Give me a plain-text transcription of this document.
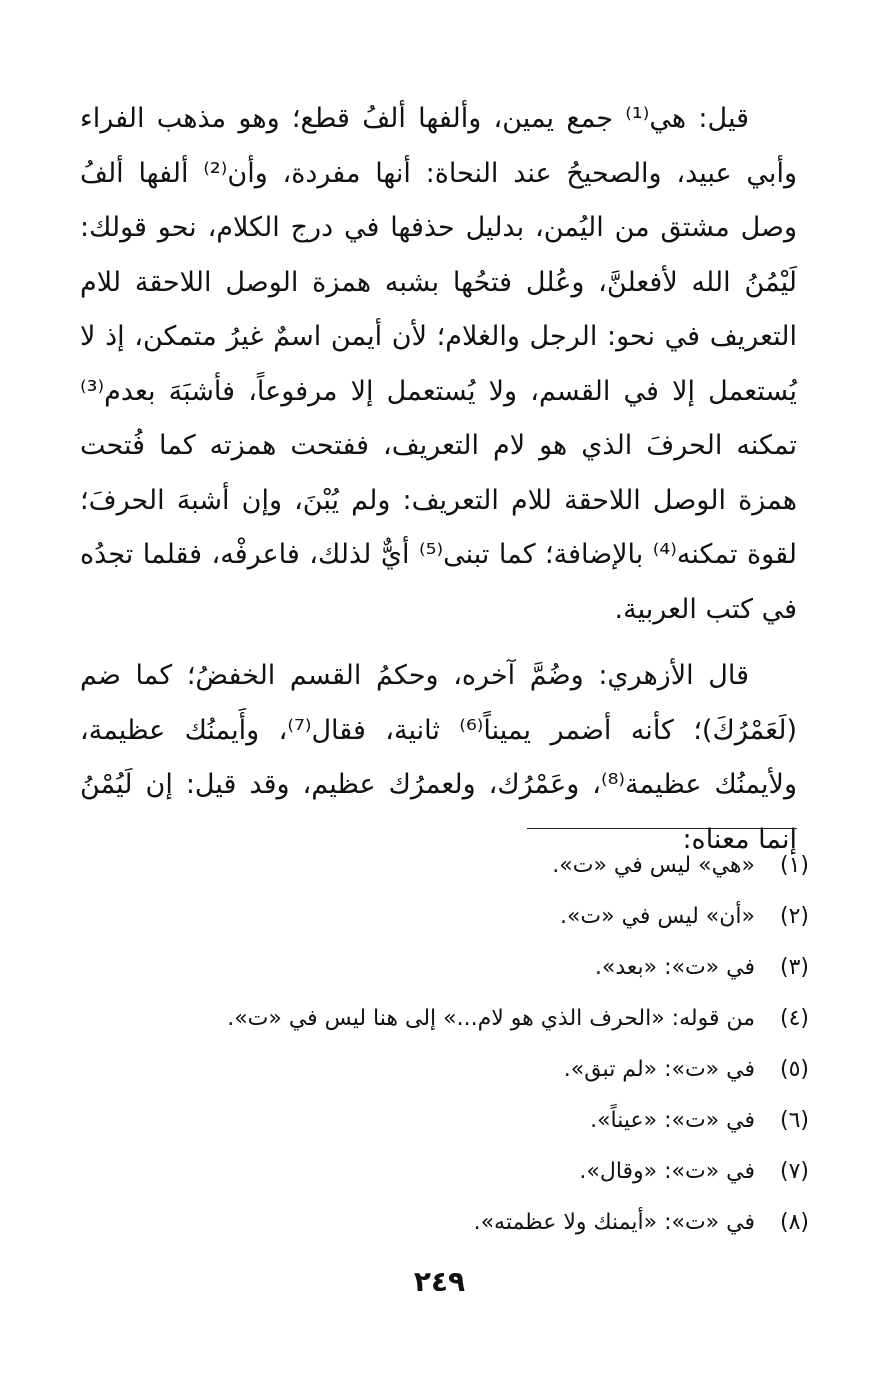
قيل: هي⁽¹⁾ جمع يمين، وألفها ألفُ قطع؛ وهو مذهب الفراء وأبي عبيد، والصحيحُ عند النحاة: أنها مفردة، وأن⁽²⁾ ألفها ألفُ وصل مشتق من اليُمن، بدليل حذفها في درج الكلام، نحو قولك: لَيْمُنُ الله لأفعلنَّ، وعُلل فتحُها بشبه همزة الوصل اللاحقة للام التعريف في نحو: الرجل والغلام؛ لأن أيمن اسمٌ غيرُ متمكن، إذ لا يُستعمل إلا في القسم، ولا يُستعمل إلا مرفوعاً، فأشبَهَ بعدم⁽³⁾ تمكنه الحرفَ الذي هو لام التعريف، ففتحت همزته كما فُتحت همزة الوصل اللاحقة للام التعريف: ولم يُبْنَ، وإن أشبهَ الحرفَ؛ لقوة تمكنه⁽⁴⁾ بالإضافة؛ كما تبنى⁽⁵⁾ أيٌّ لذلك، فاعرفْه، فقلما تجدُه في كتب العربية.

قال الأزهري: وضُمَّ آخره، وحكمُ القسم الخفضُ؛ كما ضم (لَعَمْرُكَ)؛ كأنه أضمر يميناً⁽⁶⁾ ثانية، فقال⁽⁷⁾، وأَيمنُك عظيمة، ولأيمنُك عظيمة⁽⁸⁾، وعَمْرُك، ولعمرُك عظيم، وقد قيل: إن لَيُمْنُ إنما معناه:

(١)«هي» ليس في «ت».
(٢)«أن» ليس في «ت».
(٣)في «ت»: «بعد».
(٤)من قوله: «الحرف الذي هو لام...» إلى هنا ليس في «ت».
(٥)في «ت»: «لم تبق».
(٦)في «ت»: «عيناً».
(٧)في «ت»: «وقال».
(٨)في «ت»: «أيمنك ولا عظمته».
٢٤٩
